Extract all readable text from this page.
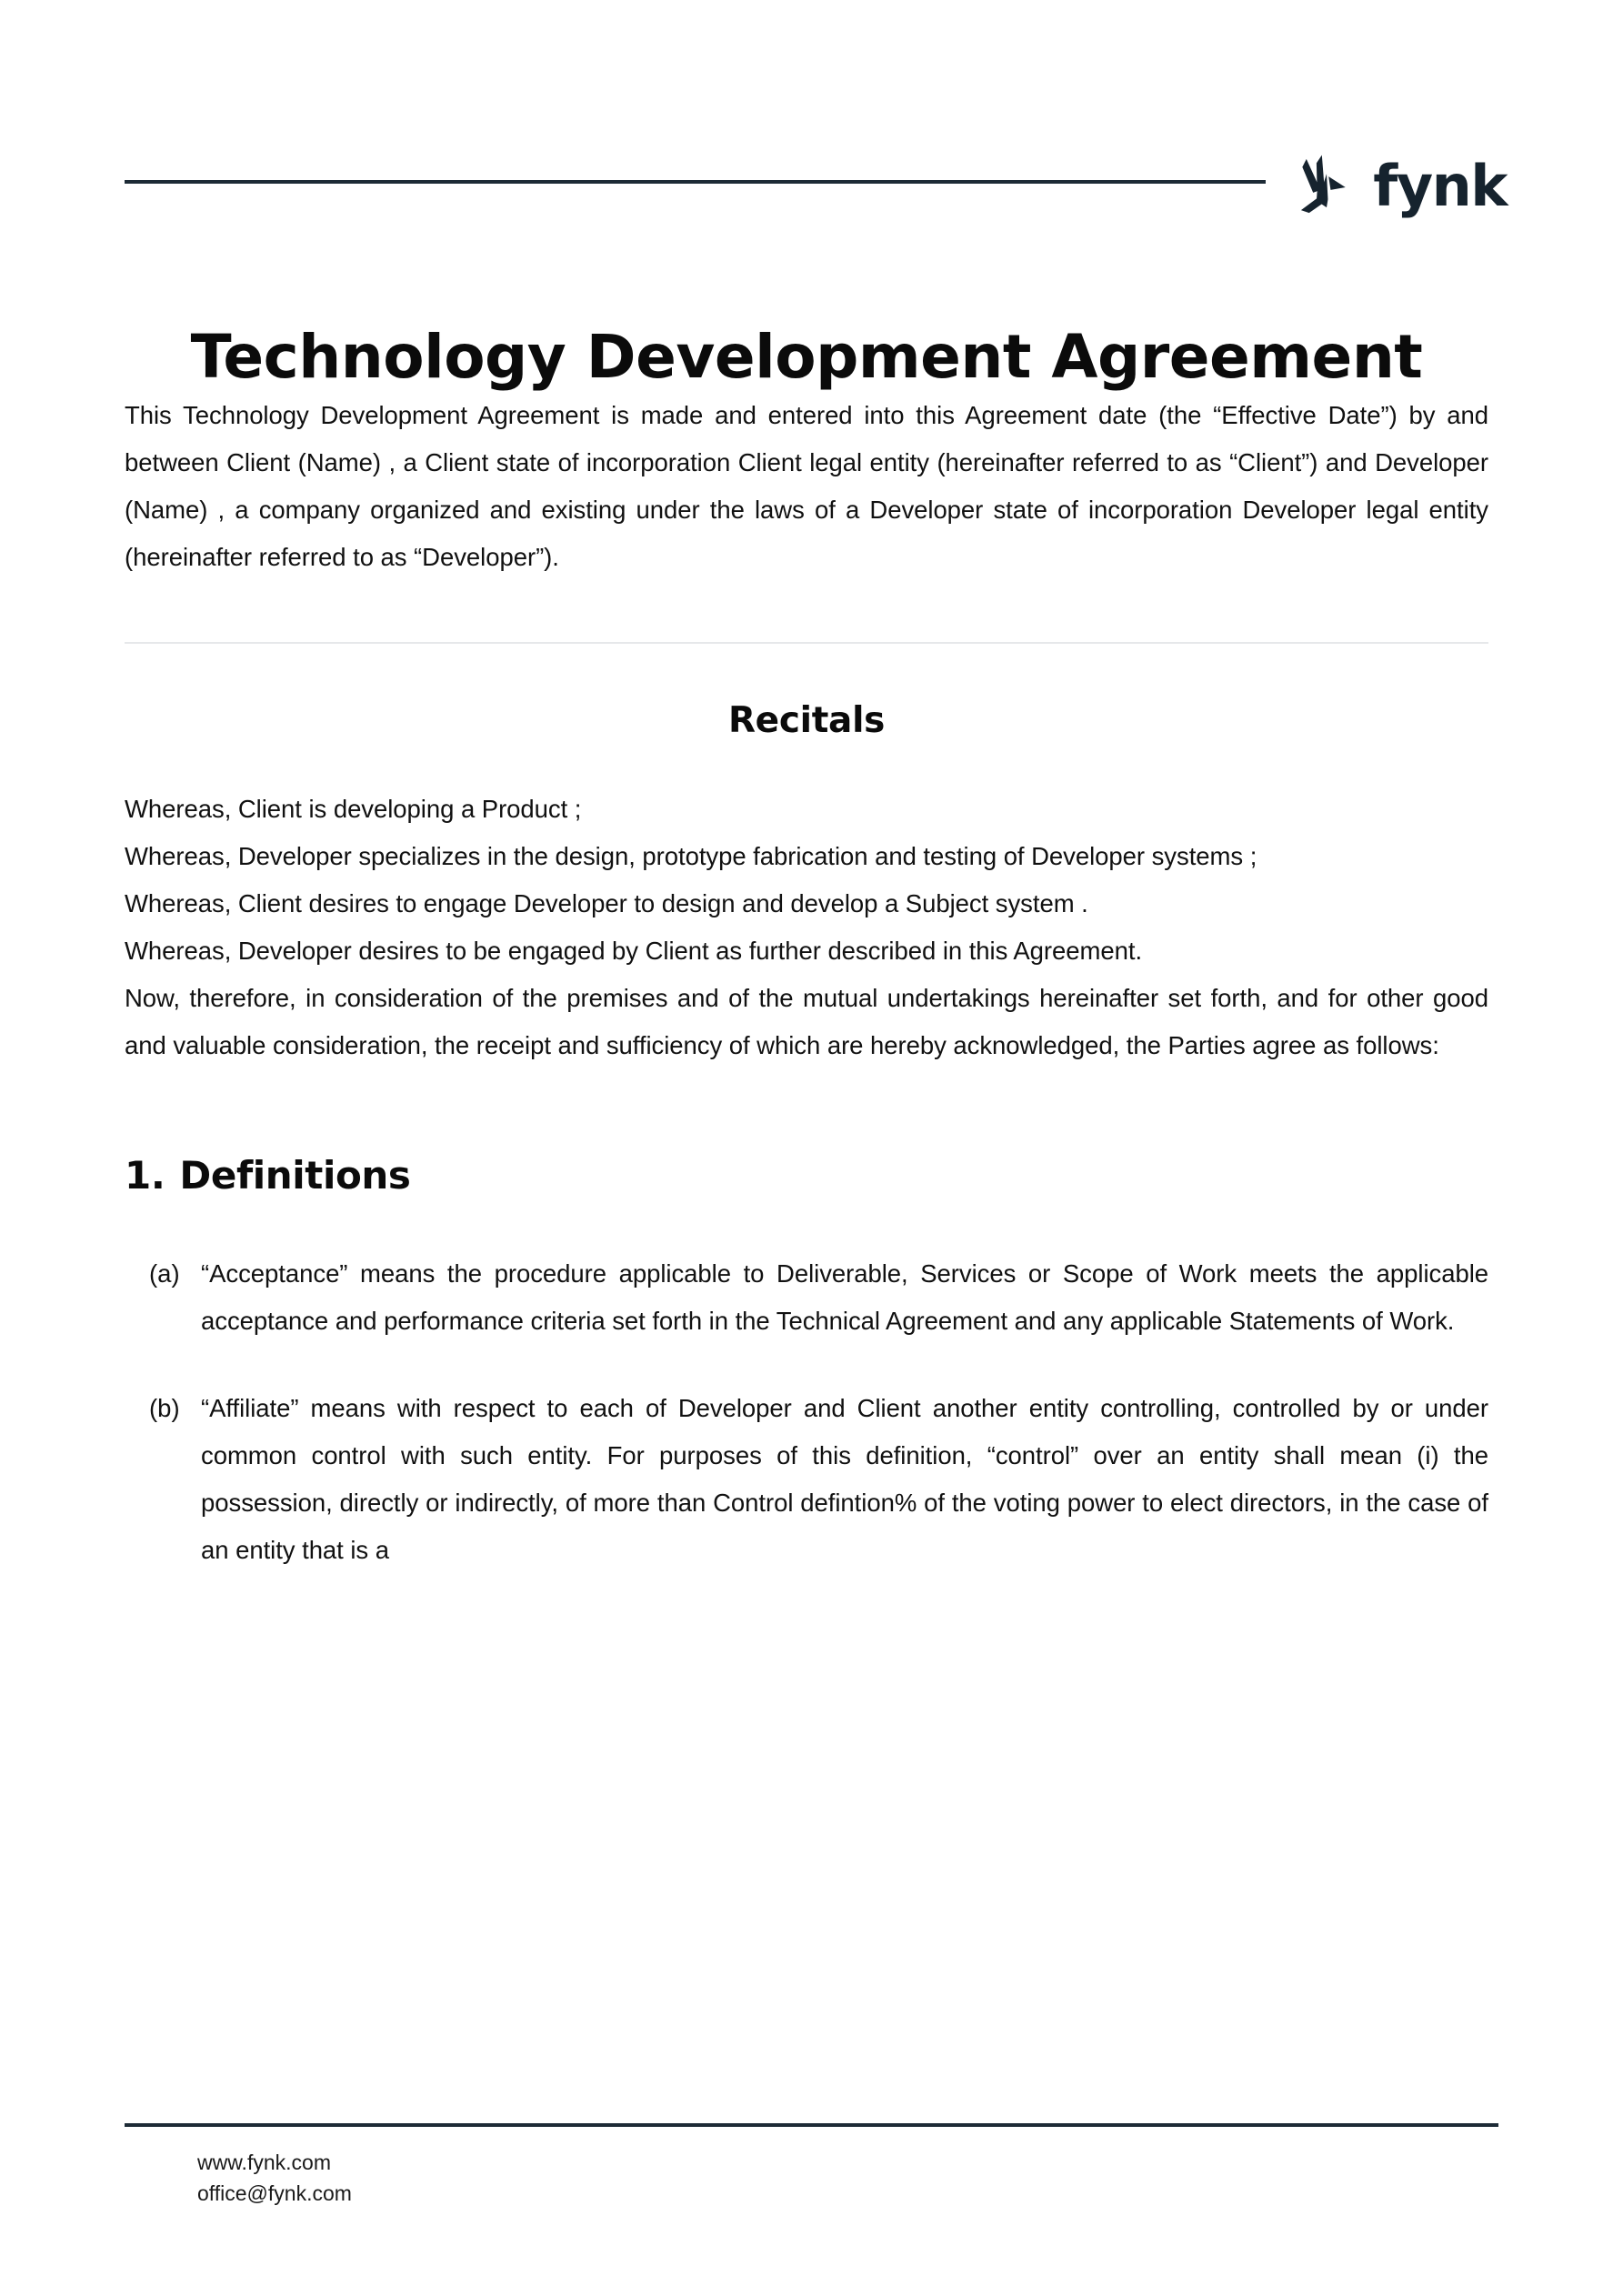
fynk
Technology Development Agreement

This Technology Development Agreement is made and entered into this Agreement date (the “Effective Date”) by and between Client (Name) , a Client state of incorporation Client legal entity (hereinafter referred to as “Client”) and Developer (Name) , a company organized and existing under the laws of a Developer state of incorporation Developer legal entity (hereinafter referred to as “Developer”).

Recitals

Whereas, Client is developing a Product ;

Whereas, Developer specializes in the design, prototype fabrication and testing of Developer systems ;

Whereas, Client desires to engage Developer to design and develop a Subject system .

Whereas, Developer desires to be engaged by Client as further described in this Agreement.

Now, therefore, in consideration of the premises and of the mutual undertakings hereinafter set forth, and for other good and valuable consideration, the receipt and sufficiency of which are hereby acknowledged, the Parties agree as follows:

1. Definitions
(a) “Acceptance” means the procedure applicable to Deliverable, Services or Scope of Work meets the applicable acceptance and performance criteria set forth in the Technical Agreement and any applicable Statements of Work.
(b) “Affiliate” means with respect to each of Developer and Client another entity controlling, controlled by or under common control with such entity. For purposes of this definition, “control” over an entity shall mean (i) the possession, directly or indirectly, of more than Control defintion% of the voting power to elect directors, in the case of an entity that is a
www.fynk.com
office@fynk.com
